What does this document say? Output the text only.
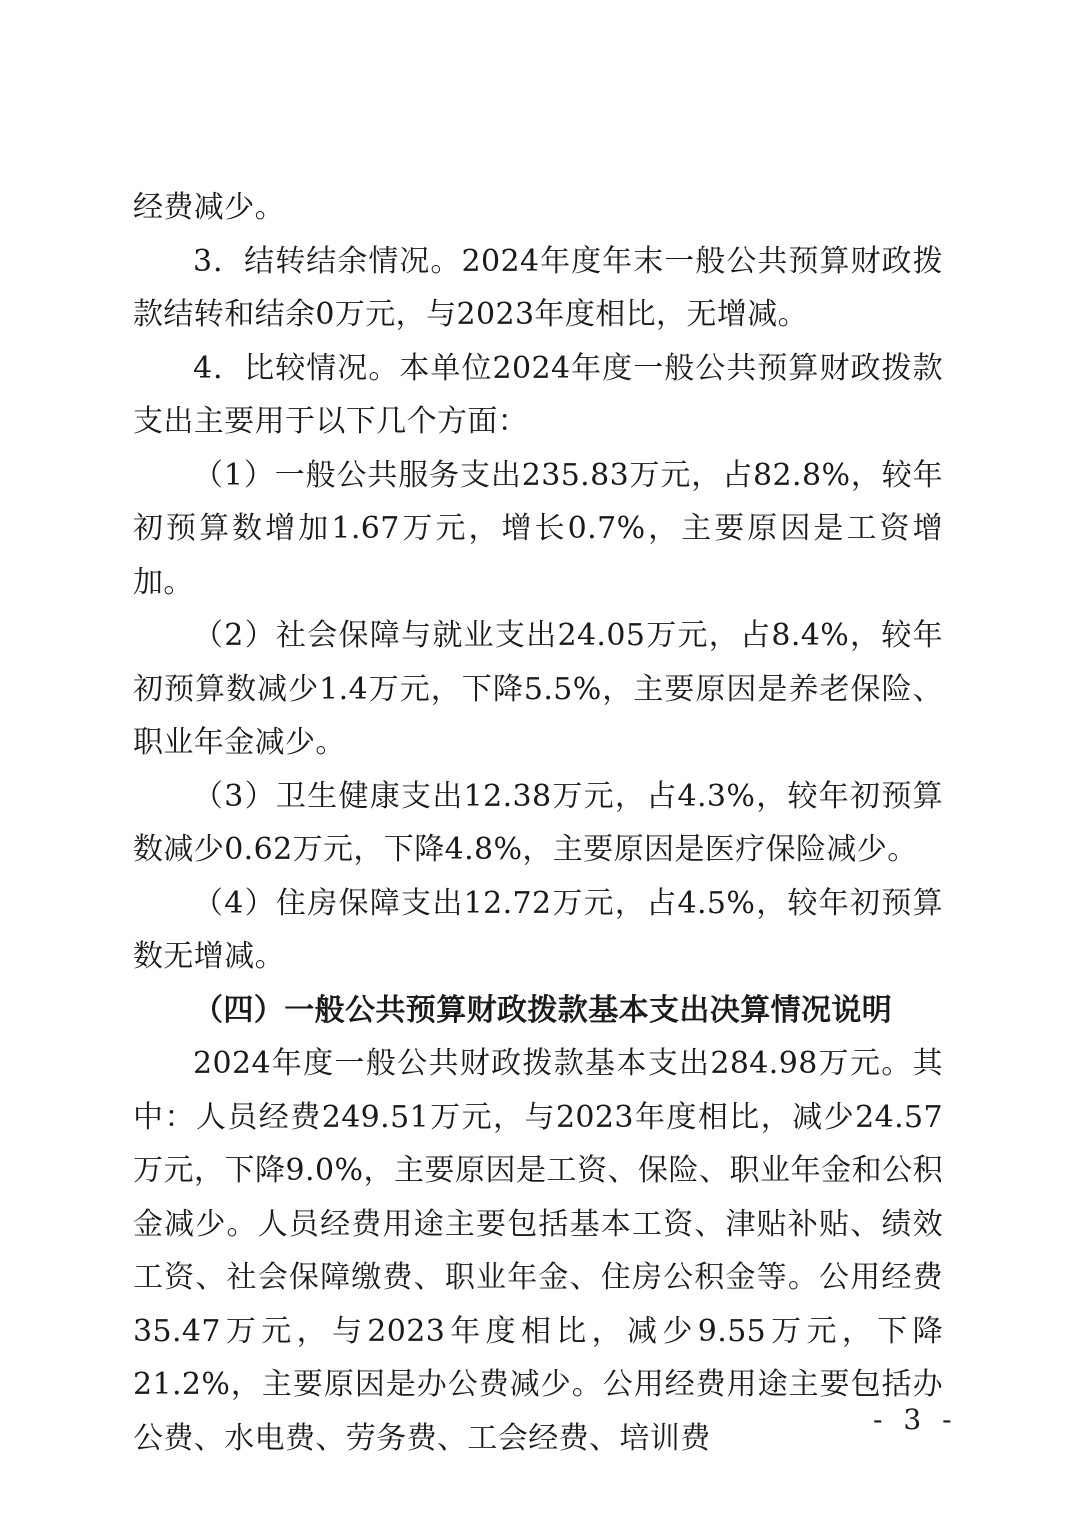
经费减少。

3．结转结余情况。2024年度年末一般公共预算财政拨款结转和结余0万元，与2023年度相比，无增减。

4．比较情况。本单位2024年度一般公共预算财政拨款支出主要用于以下几个方面：

（1）一般公共服务支出235.83万元，占82.8%，较年初预算数增加1.67万元，增长0.7%，主要原因是工资增加。

（2）社会保障与就业支出24.05万元，占8.4%，较年初预算数减少1.4万元，下降5.5%，主要原因是养老保险、职业年金减少。

（3）卫生健康支出12.38万元，占4.3%，较年初预算数减少0.62万元，下降4.8%，主要原因是医疗保险减少。

（4）住房保障支出12.72万元，占4.5%，较年初预算数无增减。

（四）一般公共预算财政拨款基本支出决算情况说明

2024年度一般公共财政拨款基本支出284.98万元。其中：人员经费249.51万元，与2023年度相比，减少24.57万元，下降9.0%，主要原因是工资、保险、职业年金和公积金减少。人员经费用途主要包括基本工资、津贴补贴、绩效工资、社会保障缴费、职业年金、住房公积金等。公用经费35.47万元，与2023年度相比，减少9.55万元，下降21.2%，主要原因是办公费减少。公用经费用途主要包括办公费、水电费、劳务费、工会经费、培训费

- 3 -
